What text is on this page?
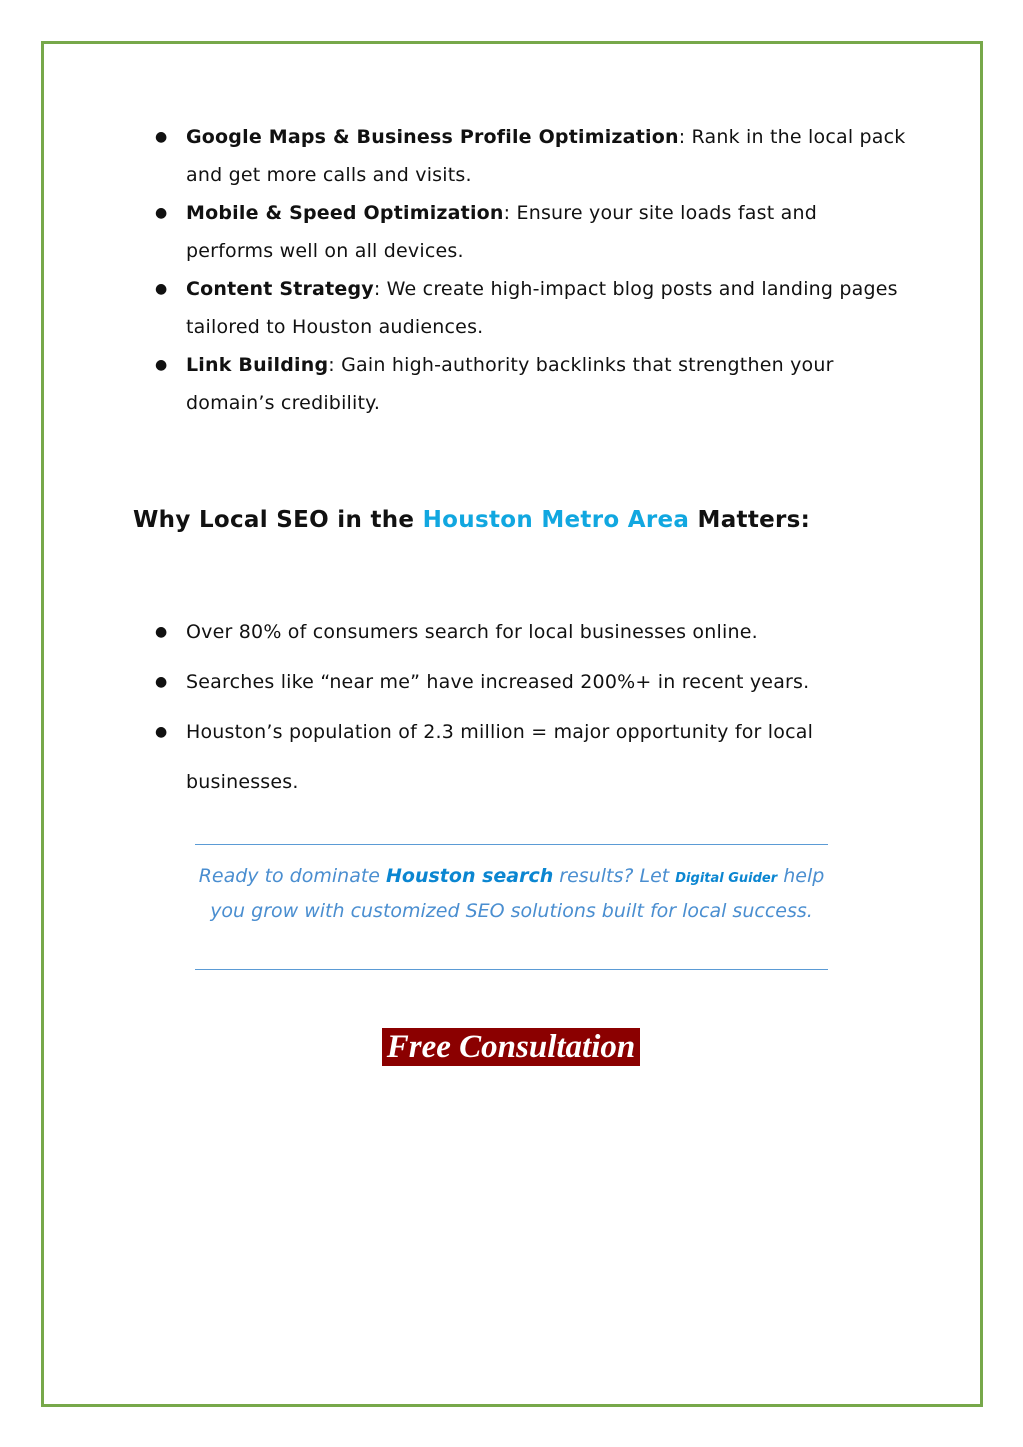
● Google Maps & Business Profile Optimization: Rank in the local pack and get more calls and visits.
● Mobile & Speed Optimization: Ensure your site loads fast and performs well on all devices.
● Content Strategy: We create high-impact blog posts and landing pages tailored to Houston audiences.
● Link Building: Gain high-authority backlinks that strengthen your domain’s credibility.
Why Local SEO in the Houston Metro Area Matters:
● Over 80% of consumers search for local businesses online.
● Searches like “near me” have increased 200%+ in recent years.
● Houston’s population of 2.3 million = major opportunity for local businesses.

Ready to dominate Houston search results? Let Digital Guider help you grow with customized SEO solutions built for local success.

Free Consultation
